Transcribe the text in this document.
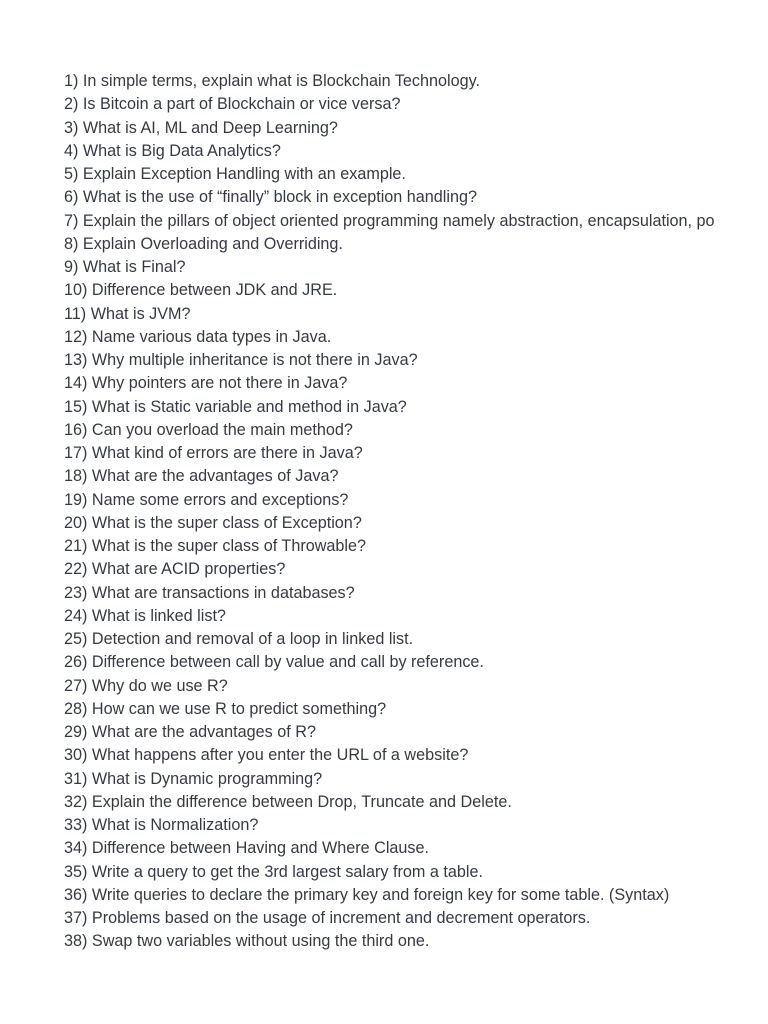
1) In simple terms, explain what is Blockchain Technology.
2) Is Bitcoin a part of Blockchain or vice versa?
3) What is AI, ML and Deep Learning?
4) What is Big Data Analytics?
5) Explain Exception Handling with an example.
6) What is the use of “finally” block in exception handling?
7) Explain the pillars of object oriented programming namely abstraction, encapsulation, po
8) Explain Overloading and Overriding.
9) What is Final?
10) Difference between JDK and JRE.
11) What is JVM?
12) Name various data types in Java.
13) Why multiple inheritance is not there in Java?
14) Why pointers are not there in Java?
15) What is Static variable and method in Java?
16) Can you overload the main method?
17) What kind of errors are there in Java?
18) What are the advantages of Java?
19) Name some errors and exceptions?
20) What is the super class of Exception?
21) What is the super class of Throwable?
22) What are ACID properties?
23) What are transactions in databases?
24) What is linked list?
25) Detection and removal of a loop in linked list.
26) Difference between call by value and call by reference.
27) Why do we use R?
28) How can we use R to predict something?
29) What are the advantages of R?
30) What happens after you enter the URL of a website?
31) What is Dynamic programming?
32) Explain the difference between Drop, Truncate and Delete.
33) What is Normalization?
34) Difference between Having and Where Clause.
35) Write a query to get the 3rd largest salary from a table.
36) Write queries to declare the primary key and foreign key for some table. (Syntax)
37) Problems based on the usage of increment and decrement operators.
38) Swap two variables without using the third one.
